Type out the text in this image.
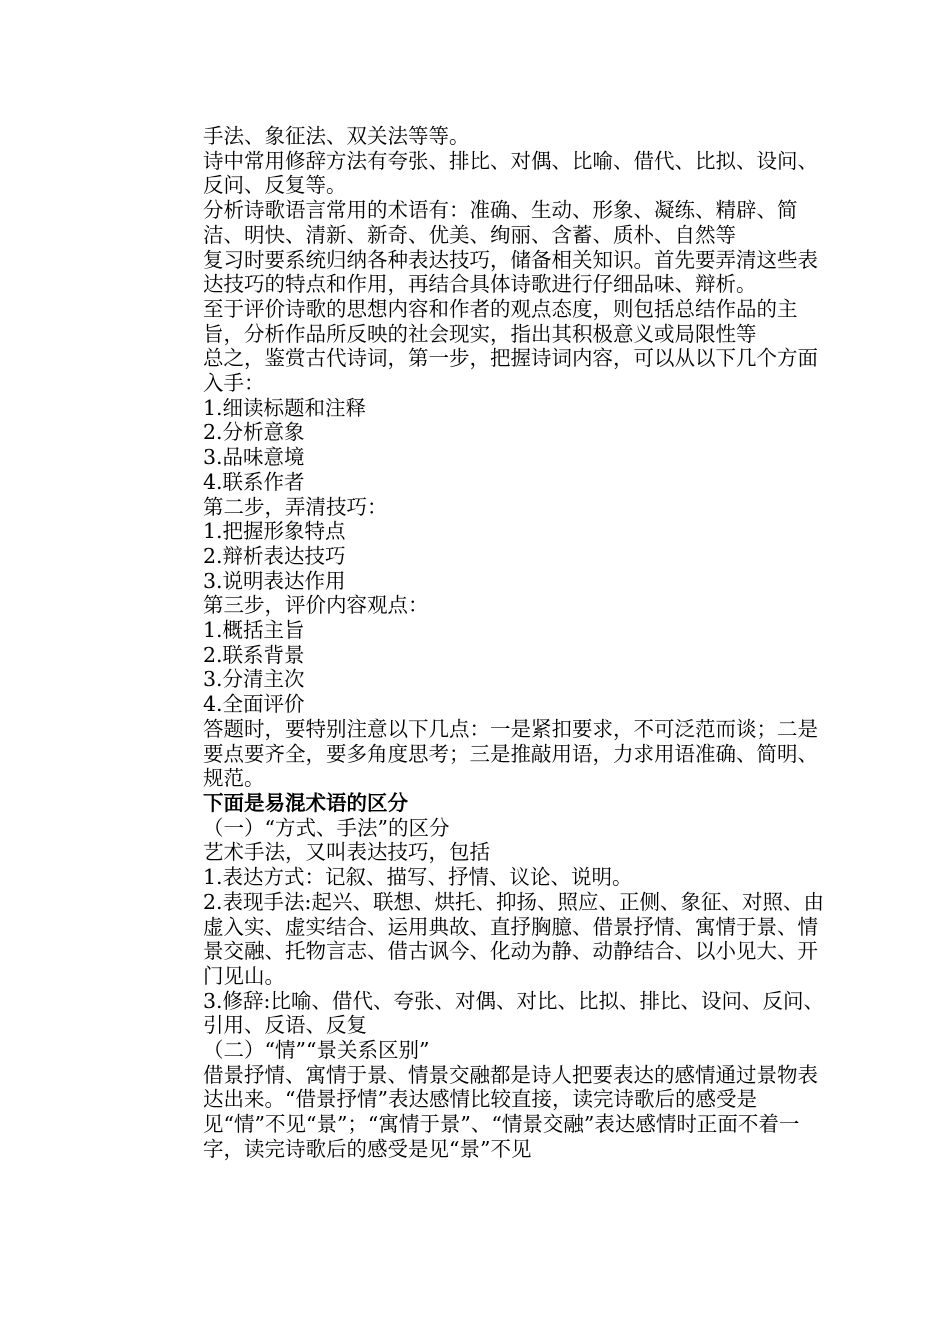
手法、象征法、双关法等等。

诗中常用修辞方法有夸张、排比、对偶、比喻、借代、比拟、设问、反问、反复等。

分析诗歌语言常用的术语有：准确、生动、形象、凝练、精辟、简洁、明快、清新、新奇、优美、绚丽、含蓄、质朴、自然等

复习时要系统归纳各种表达技巧，储备相关知识。首先要弄清这些表达技巧的特点和作用，再结合具体诗歌进行仔细品味、辩析。

至于评价诗歌的思想内容和作者的观点态度，则包括总结作品的主旨，分析作品所反映的社会现实，指出其积极意义或局限性等

总之，鉴赏古代诗词，第一步，把握诗词内容，可以从以下几个方面入手：

1.细读标题和注释

2.分析意象

3.品味意境

4.联系作者

第二步，弄清技巧：

1.把握形象特点

2.辩析表达技巧

3.说明表达作用

第三步，评价内容观点：

1.概括主旨

2.联系背景

3.分清主次

4.全面评价

答题时，要特别注意以下几点：一是紧扣要求，不可泛范而谈；二是要点要齐全，要多角度思考；三是推敲用语，力求用语准确、简明、规范。

下面是易混术语的区分

（一）“方式、手法”的区分

艺术手法，又叫表达技巧，包括

1.表达方式：记叙、描写、抒情、议论、说明。

2.表现手法:起兴、联想、烘托、抑扬、照应、正侧、象征、对照、由虚入实、虚实结合、运用典故、直抒胸臆、借景抒情、寓情于景、情景交融、托物言志、借古讽今、化动为静、动静结合、以小见大、开门见山。

3.修辞:比喻、借代、夸张、对偶、对比、比拟、排比、设问、反问、引用、反语、反复

（二）“情”“景关系区别”

借景抒情、寓情于景、情景交融都是诗人把要表达的感情通过景物表达出来。“借景抒情”表达感情比较直接，读完诗歌后的感受是见“情”不见“景”；“寓情于景”、“情景交融”表达感情时正面不着一字，读完诗歌后的感受是见“景”不见
